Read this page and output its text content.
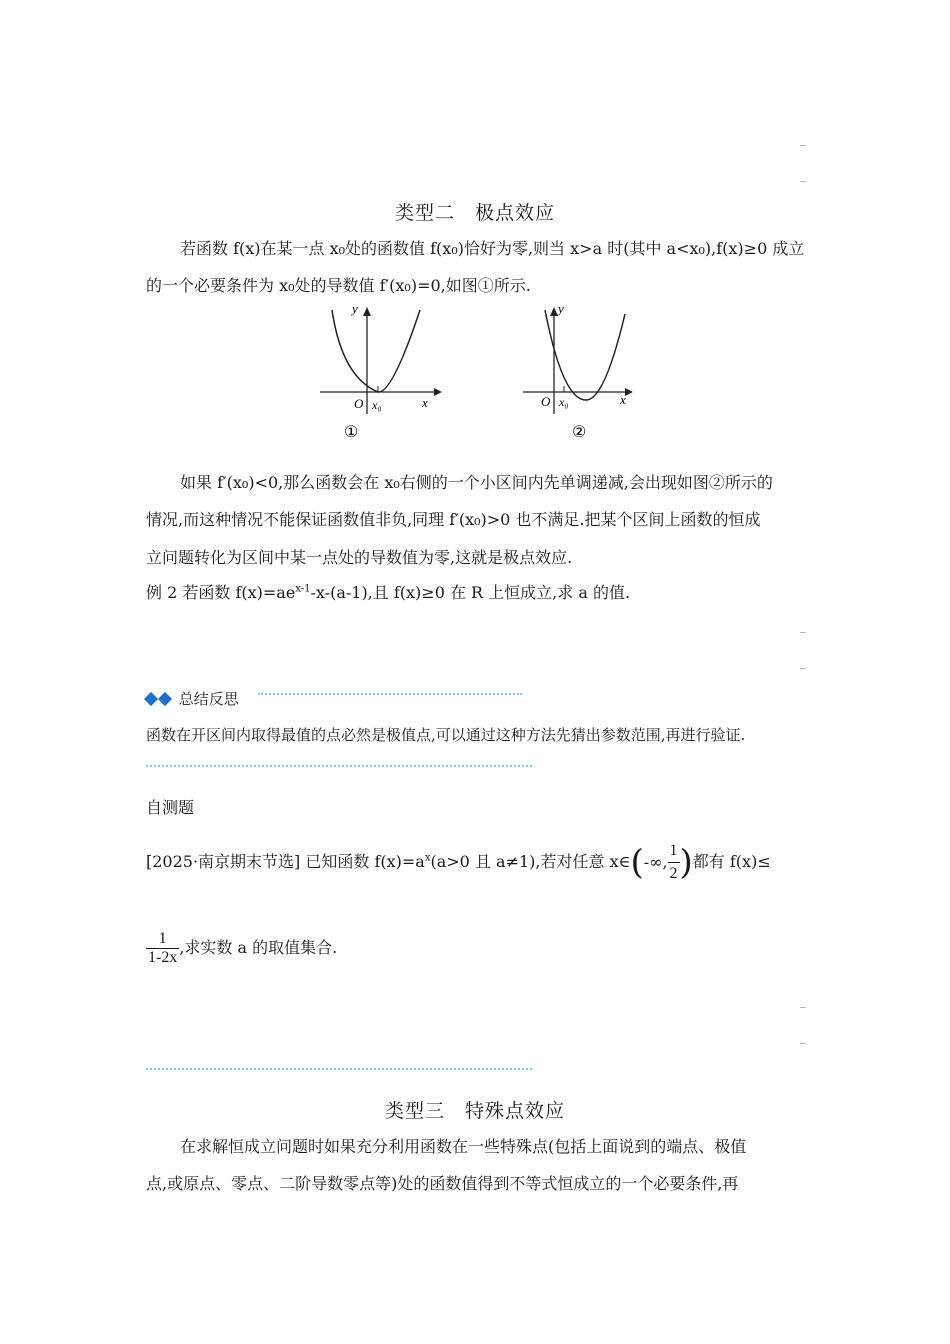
类型二　极点效应
若函数 f(x)在某一点 x₀处的函数值 f(x₀)恰好为零,则当 x>a 时(其中 a<x₀),f(x)≥0 成立
的一个必要条件为 x₀处的导数值 f′(x₀)=0,如图①所示.
y
x
O x₀
①
y
x
O x₀
②
如果 f′(x₀)<0,那么函数会在 x₀右侧的一个小区间内先单调递减,会出现如图②所示的
情况,而这种情况不能保证函数值非负,同理 f′(x₀)>0 也不满足.把某个区间上函数的恒成
立问题转化为区间中某一点处的导数值为零,这就是极点效应.
例 2 若函数 $f(x)=ae^{x-1}-x-(a-1)$,且 f(x)≥0 在 R 上恒成立,求 a 的值.
总结反思
函数在开区间内取得最值的点必然是极值点,可以通过这种方法先猜出参数范围,再进行验证.
自测题
[2025·南京期末节选] 已知函数 $f(x)=a^x(a>0$ 且 a≠1),若对任意 x∈(-∞, $\frac{1}{2}$ )都有 f(x)≤
$\frac{1}{1-2x}$ ,求实数 a 的取值集合.
类型三　特殊点效应
在求解恒成立问题时如果充分利用函数在一些特殊点(包括上面说到的端点、极值
点,或原点、零点、二阶导数零点等)处的函数值得到不等式恒成立的一个必要条件,再
